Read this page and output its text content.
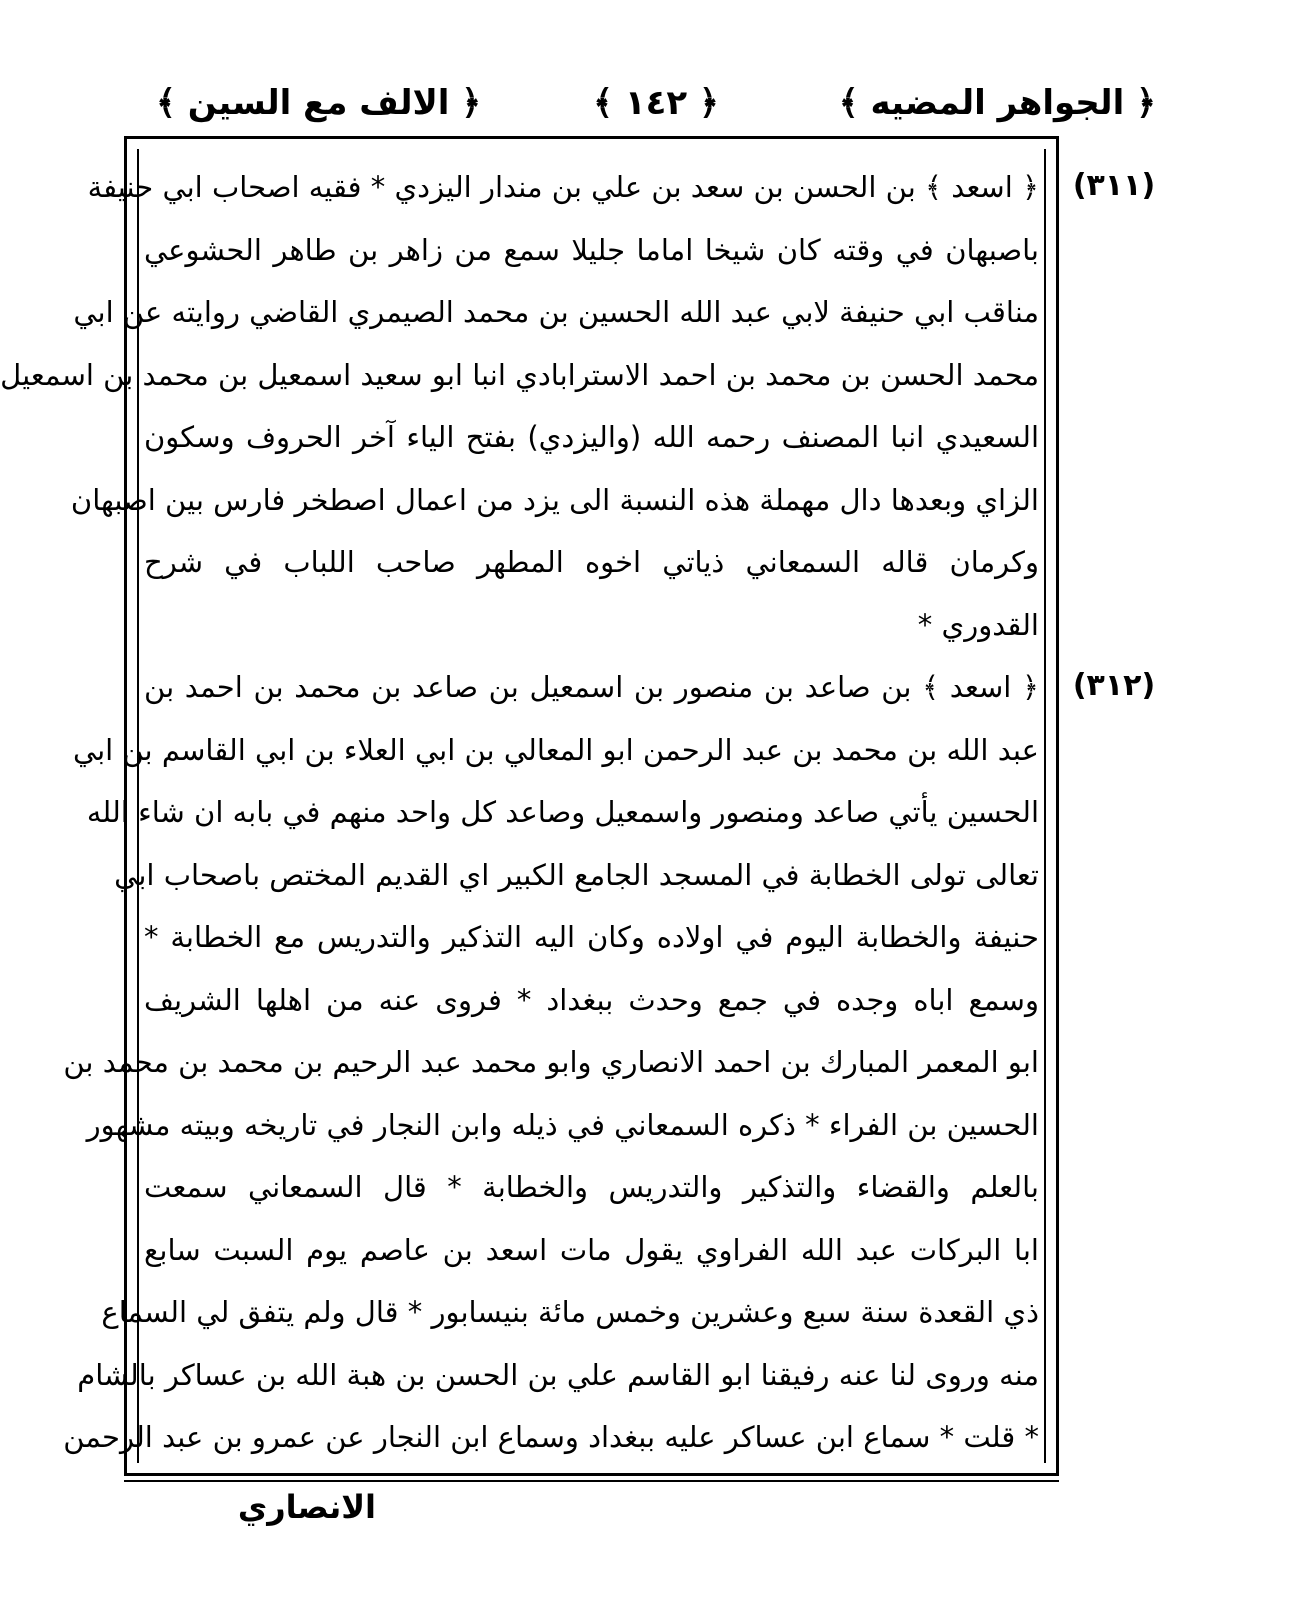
﴿ الجواهر المضيه ﴾
﴿ ١٤٢ ﴾
﴿ الالف مع السين ﴾
(٣١١)
(٣١٢)
﴿ اسعد ﴾ بن الحسن بن سعد بن علي بن مندار اليزدي * فقيه اصحاب ابي حنيفة
باصبهان في وقته كان شيخا اماما جليلا سمع من زاهر بن طاهر الحشوعي
مناقب ابي حنيفة لابي عبد الله الحسين بن محمد الصيمري القاضي روايته عن ابي
محمد الحسن بن محمد بن احمد الاسترابادي انبا ابو سعيد اسمعيل بن محمد بن اسمعيل
السعيدي انبا المصنف رحمه الله (واليزدي) بفتح الياء آخر الحروف وسكون
الزاي وبعدها دال مهملة هذه النسبة الى يزد من اعمال اصطخر فارس بين اصبهان
وكرمان قاله السمعاني ذياتي اخوه المطهر صاحب اللباب في شرح
القدوري *
﴿ اسعد ﴾ بن صاعد بن منصور بن اسمعيل بن صاعد بن محمد بن احمد بن
عبد الله بن محمد بن عبد الرحمن ابو المعالي بن ابي العلاء بن ابي القاسم بن ابي
الحسين يأتي صاعد ومنصور واسمعيل وصاعد كل واحد منهم في بابه ان شاء الله
تعالى تولى الخطابة في المسجد الجامع الكبير اي القديم المختص باصحاب ابي
حنيفة والخطابة اليوم في اولاده وكان اليه التذكير والتدريس مع الخطابة *
وسمع اباه وجده في جمع وحدث ببغداد * فروى عنه من اهلها الشريف
ابو المعمر المبارك بن احمد الانصاري وابو محمد عبد الرحيم بن محمد بن محمد بن
الحسين بن الفراء * ذكره السمعاني في ذيله وابن النجار في تاريخه وبيته مشهور
بالعلم والقضاء والتذكير والتدريس والخطابة * قال السمعاني سمعت
ابا البركات عبد الله الفراوي يقول مات اسعد بن عاصم يوم السبت سابع
ذي القعدة سنة سبع وعشرين وخمس مائة بنيسابور * قال ولم يتفق لي السماع
منه وروى لنا عنه رفيقنا ابو القاسم علي بن الحسن بن هبة الله بن عساكر بالشام
* قلت * سماع ابن عساكر عليه ببغداد وسماع ابن النجار عن عمرو بن عبد الرحمن
الانصاري
